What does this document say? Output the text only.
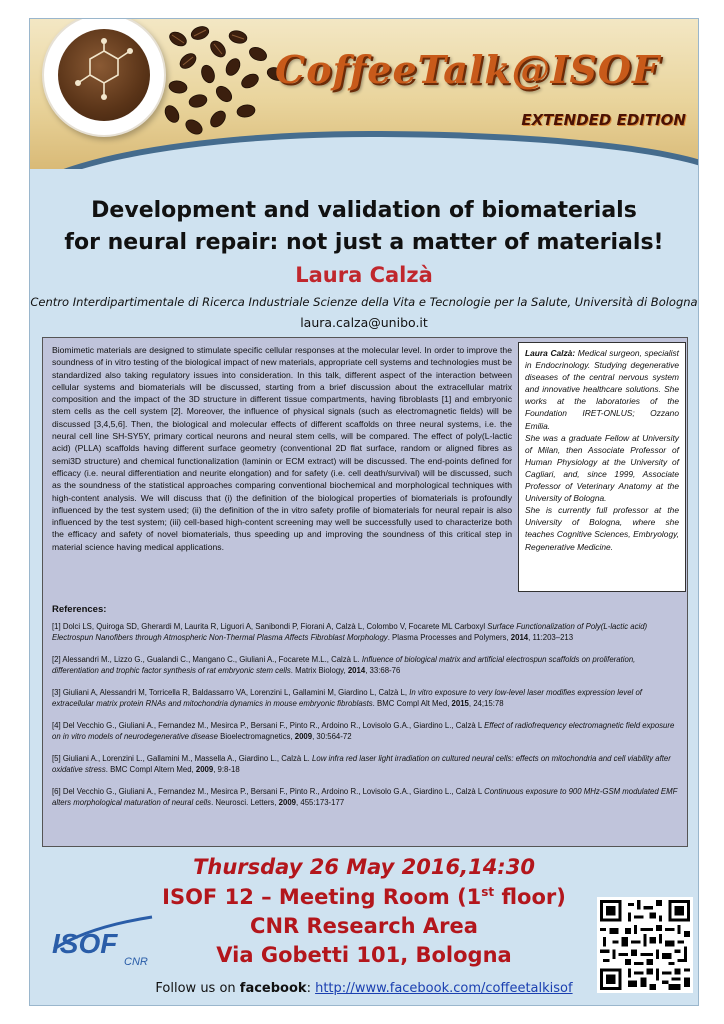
CoffeeTalk@ISOF
EXTENDED EDITION
Development and validation of biomaterials
for neural repair: not just a matter of materials!
Laura Calzà
Centro Interdipartimentale di Ricerca Industriale Scienze della Vita e Tecnologie per la Salute, Università di Bologna
laura.calza@unibo.it
Biomimetic materials are designed to stimulate specific cellular responses at the molecular level. In order to improve the soundness of in vitro testing of the biological impact of new materials, appropriate cell systems and technologies must be standardized also taking regulatory issues into consideration. In this talk, different aspect of the interaction between cellular systems and biomaterials will be discussed, starting from a brief discussion about the extracellular matrix composition and the impact of the 3D structure in different tissue compartments, having fibroblasts [1] and embryonic stem cells as the cell system [2]. Moreover, the influence of physical signals (such as electromagnetic fields) will be discussed [3,4,5,6]. Then, the biological and molecular effects of different scaffolds on three neural systems, i.e. the neural cell line SH-SY5Y, primary cortical neurons and neural stem cells, will be compared. The effect of poly(L-lactic acid) (PLLA) scaffolds having different surface geometry (conventional 2D flat surface, random or aligned fibres as semi3D structure) and chemical functionalization (laminin or ECM extract) will be discussed. The end-points defined for efficacy (i.e. neural differentiation and neurite elongation) and for safety (i.e. cell death/survival) will be discussed, such as the soundness of the statistical approaches comparing conventional biochemical and morphological techniques with high-content analysis. We will discuss that (i) the definition of the biological properties of biomaterials is profoundly influenced by the test system used; (ii) the definition of the in vitro safety profile of biomaterials for neural repair is also influenced by the test system; (iii) cell-based high-content screening may well be successfully used to characterize both the efficacy and safety of novel biomaterials, thus speeding up and improving the soundness of this critical step in material science having medical applications.

Laura Calzà: Medical surgeon, specialist in Endocrinology. Studying degenerative diseases of the central nervous system and innovative healthcare solutions. She works at the laboratories of the Foundation IRET-ONLUS; Ozzano Emilia.

She was a graduate Fellow at University of Milan, then Associate Professor of Human Physiology at the University of Cagliari, and, since 1999, Associate Professor of Veterinary Anatomy at the University of Bologna.

She is currently full professor at the University of Bologna, where she teaches Cognitive Sciences, Embryology, Regenerative Medicine.

References:
[1] Dolci LS, Quiroga SD, Gherardi M, Laurita R, Liguori A, Sanibondi P, Fiorani A, Calzà L, Colombo V, Focarete ML Carboxyl Surface Functionalization of Poly(L-lactic acid) Electrospun Nanofibers through Atmospheric Non-Thermal Plasma Affects Fibroblast Morphology. Plasma Processes and Polymers, 2014, 11:203–213
[2] Alessandri M., Lizzo G., Gualandi C., Mangano C., Giuliani A., Focarete M.L., Calzà L. Influence of biological matrix and artificial electrospun scaffolds on proliferation, differentiation and trophic factor synthesis of rat embryonic stem cells. Matrix Biology, 2014, 33:68-76
[3] Giuliani A, Alessandri M, Torricella R, Baldassarro VA, Lorenzini L, Gallamini M, Giardino L, Calzà L, In vitro exposure to very low-level laser modifies expression level of extracellular matrix protein RNAs and mitochondria dynamics in mouse embryonic fibroblasts. BMC Compl Alt Med, 2015, 24;15:78
[4] Del Vecchio G., Giuliani A., Fernandez M., Mesirca P., Bersani F., Pinto R., Ardoino R., Lovisolo G.A., Giardino L., Calzà L Effect of radiofrequency electromagnetic field exposure on in vitro models of neurodegenerative disease Bioelectromagnetics, 2009, 30:564-72
[5] Giuliani A., Lorenzini L., Gallamini M., Massella A., Giardino L., Calzà L. Low infra red laser light irradiation on cultured neural cells: effects on mitochondria and cell viability after oxidative stress. BMC Compl Altern Med, 2009, 9:8-18
[6] Del Vecchio G., Giuliani A., Fernandez M., Mesirca P., Bersani F., Pinto R., Ardoino R., Lovisolo G.A., Giardino L., Calzà L Continuous exposure to 900 MHz-GSM modulated EMF alters morphological maturation of neural cells. Neurosci. Letters, 2009, 455:173-177
Thursday 26 May 2016,14:30
ISOF 12 – Meeting Room (1st floor)
CNR Research Area
Via Gobetti 101, Bologna
Follow us on facebook: http://www.facebook.com/coffeetalkisof
ISOF
CNR
